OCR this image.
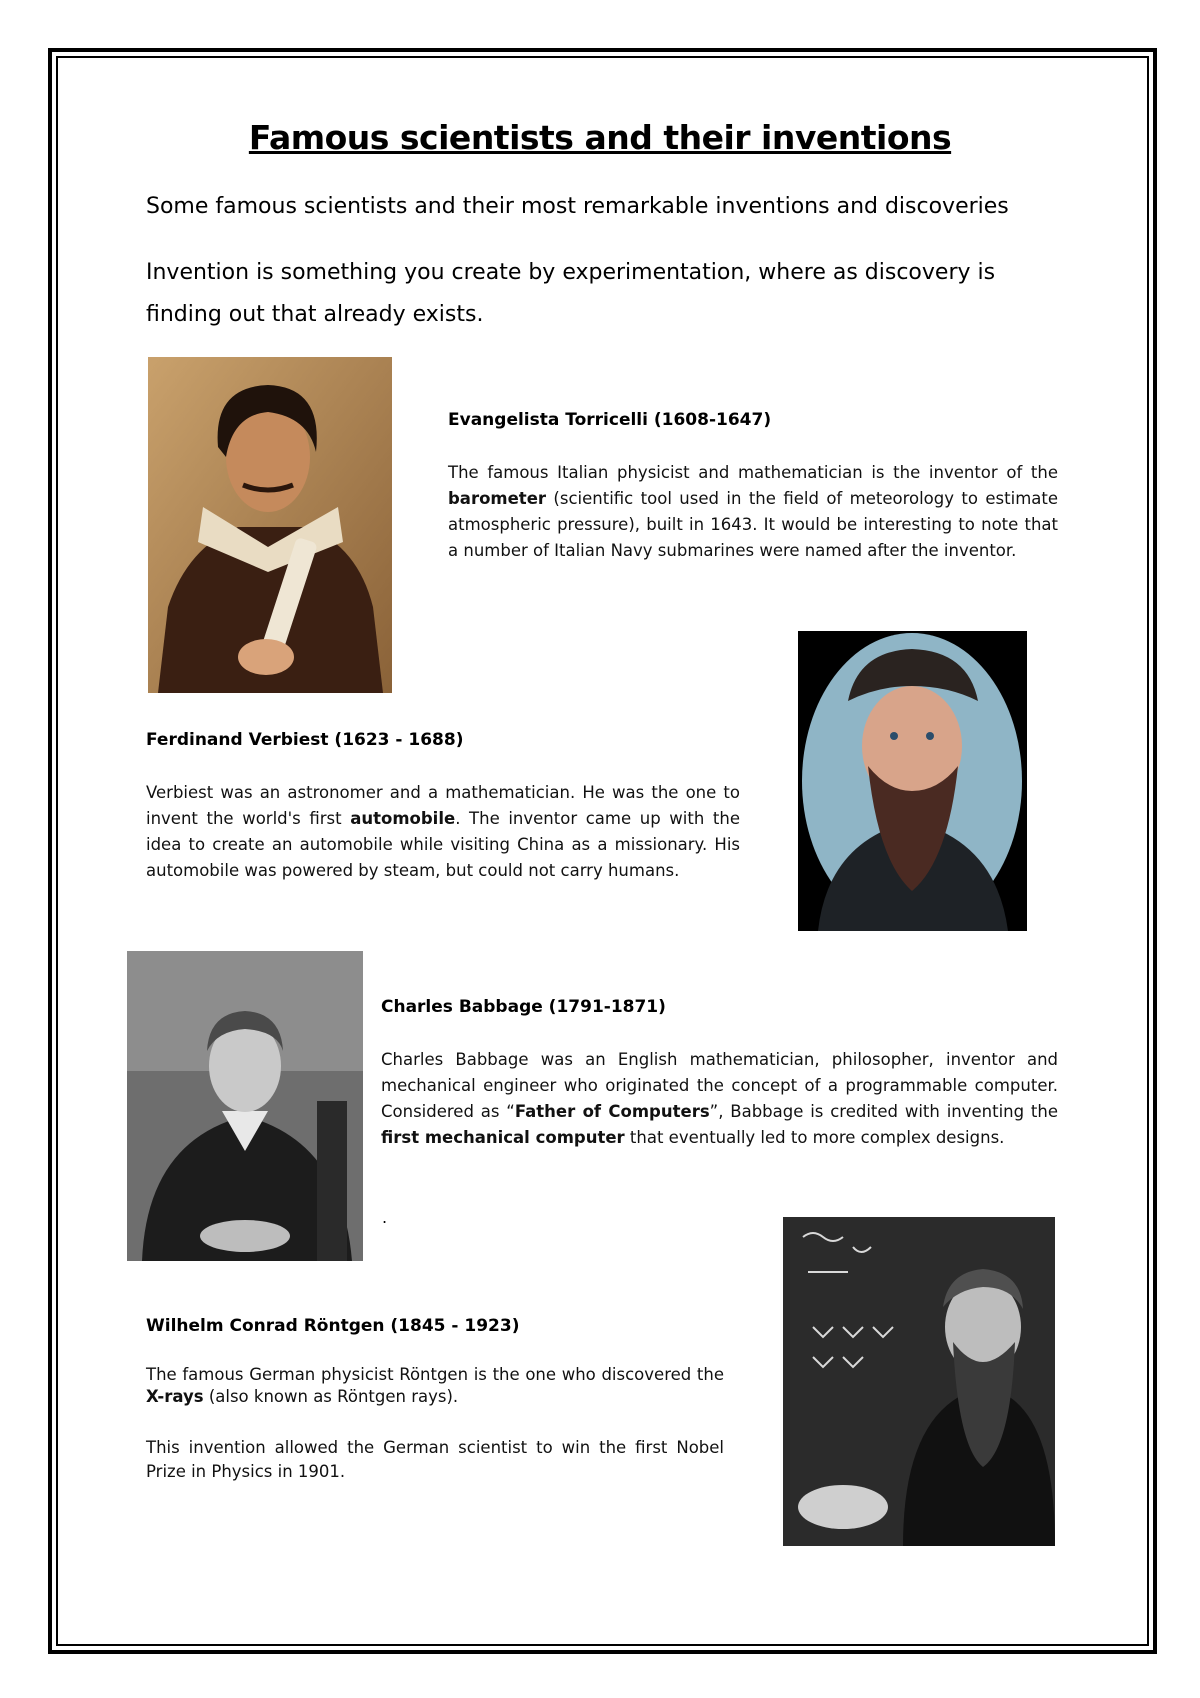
Famous scientists and their inventions

Some famous scientists and their most remarkable inventions and discoveries

Invention is something you create by experimentation, where as discovery is finding out that already exists.

Evangelista Torricelli (1608-1647)

The famous Italian physicist and mathematician is the inventor of the barometer (scientific tool used in the field of meteorology to estimate atmospheric pressure), built in 1643. It would be interesting to note that a number of Italian Navy submarines were named after the inventor.

Ferdinand Verbiest (1623 - 1688)

Verbiest was an astronomer and a mathematician. He was the one to invent the world's first automobile. The inventor came up with the idea to create an automobile while visiting China as a missionary. His automobile was powered by steam, but could not carry humans.

Charles Babbage (1791-1871)

Charles Babbage was an English mathematician, philosopher, inventor and mechanical engineer who originated the concept of a programmable computer. Considered as “Father of Computers”, Babbage is credited with inventing the first mechanical computer that eventually led to more complex designs.

.
Wilhelm Conrad Röntgen (1845 - 1923)

The famous German physicist Röntgen is the one who discovered the X-rays (also known as Röntgen rays).

This invention allowed the German scientist to win the first Nobel Prize in Physics in 1901.
